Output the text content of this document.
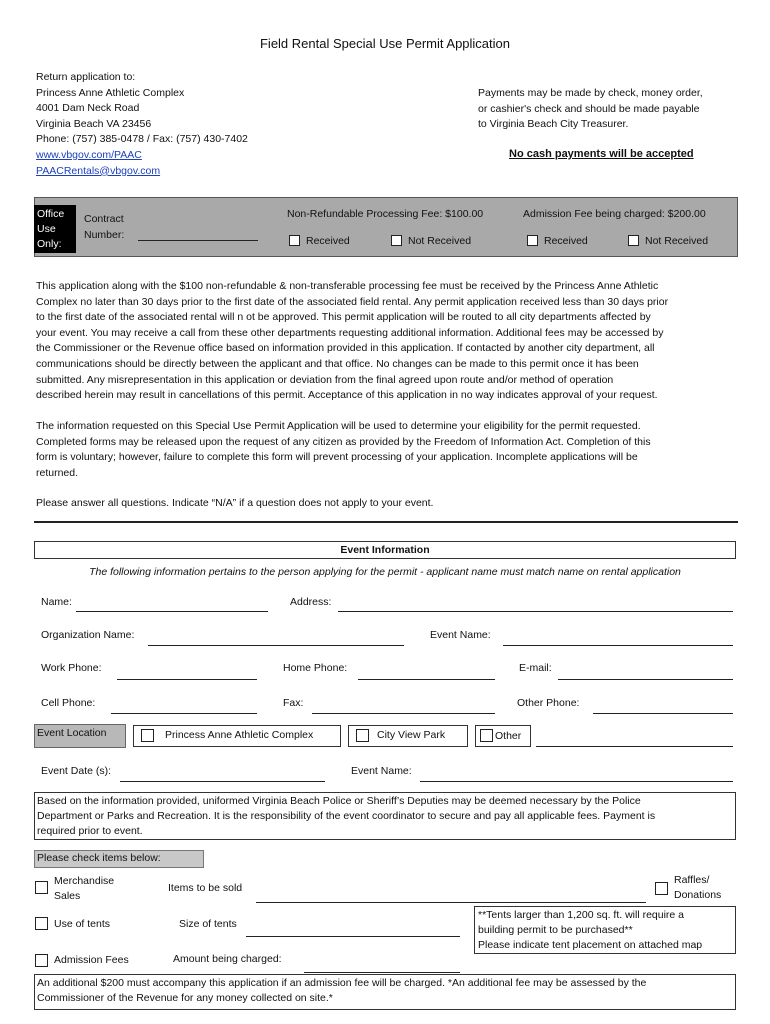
Field Rental Special Use Permit Application
Return application to:
Princess Anne Athletic Complex
4001 Dam Neck Road
Virginia Beach VA 23456
Phone: (757) 385-0478 / Fax: (757) 430-7402
www.vbgov.com/PAAC
PAACRentals@vbgov.com
Payments may be made by check, money order,
or cashier's check and should be made payable
to Virginia Beach City Treasurer.
No cash payments will be accepted
Office
Use
Only:
Contract
Number:
Non-Refundable Processing Fee: $100.00	Admission Fee being charged: $200.00
Received	Not Received	Received	Not Received
This application along with the $100 non-refundable & non-transferable processing fee must be received by the Princess Anne Athletic
Complex no later than 30 days prior to the first date of the associated field rental. Any permit application received less than 30 days prior
to the first date of the associated rental will n ot be approved. This permit application will be routed to all city departments affected by
your event. You may receive a call from these other departments requesting additional information. Additional fees may be accessed by
the Commissioner or the Revenue office based on information provided in this application. If contacted by another city department, all
communications should be directly between the applicant and that office. No changes can be made to this permit once it has been
submitted. Any misrepresentation in this application or deviation from the final agreed upon route and/or method of operation
described herein may result in cancellations of this permit. Acceptance of this application in no way indicates approval of your request.
The information requested on this Special Use Permit Application will be used to determine your eligibility for the permit requested.
Completed forms may be released upon the request of any citizen as provided by the Freedom of Information Act. Completion of this
form is voluntary; however, failure to complete this form will prevent processing of your application. Incomplete applications will be
returned.
Please answer all questions. Indicate “N/A” if a question does not apply to your event.
Event Information
The following information pertains to the person applying for the permit - applicant name must match name on rental application
Name:	Address:
Organization Name:	Event Name:
Work Phone:	Home Phone:	E-mail:
Cell Phone:	Fax:	Other Phone:
Event Location	Princess Anne Athletic Complex	City View Park	Other
Event Date (s):	Event Name:
Based on the information provided, uniformed Virginia Beach Police or Sheriff’s Deputies may be deemed necessary by the Police
Department or Parks and Recreation. It is the responsibility of the event coordinator to secure and pay all applicable fees. Payment is
required prior to event.
Please check items below:
Merchandise
Sales
Items to be sold
Raffles/
Donations
Use of tents	Size of tents
**Tents larger than 1,200 sq. ft. will require a
building permit to be purchased**
Please indicate tent placement on attached map
Admission Fees	Amount being charged:
An additional $200 must accompany this application if an admission fee will be charged. *An additional fee may be assessed by the
Commissioner of the Revenue for any money collected on site.*
